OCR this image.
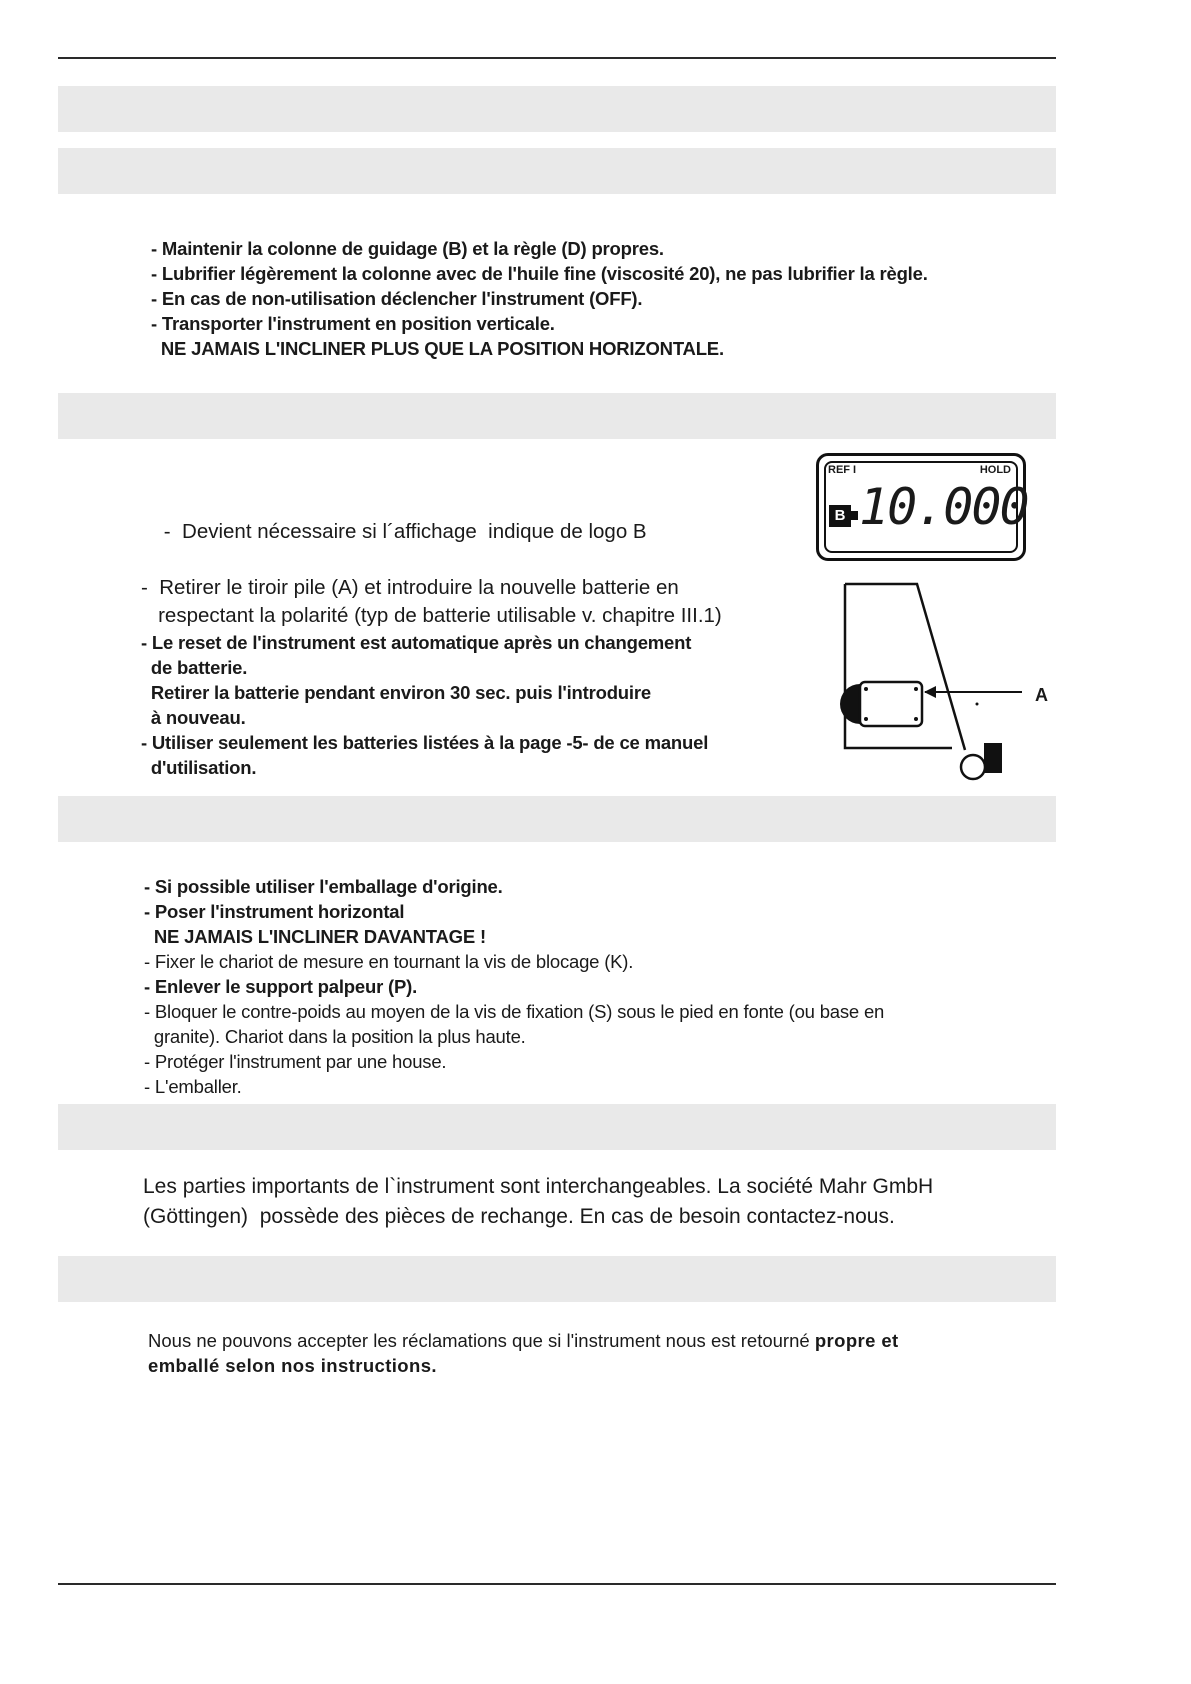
- Maintenir la colonne de guidage (B) et la règle (D) propres.
- Lubrifier légèrement la colonne avec de l'huile fine (viscosité 20), ne pas lubrifier la règle.
- En cas de non-utilisation déclencher l'instrument (OFF).
- Transporter l'instrument en position verticale.
NE JAMAIS L'INCLINER PLUS QUE LA POSITION HORIZONTALE.

-  Devient nécessaire si l´affichage  indique de logo B

-  Retirer le tiroir pile (A) et introduire la nouvelle batterie en
respectant la polarité (typ de batterie utilisable v. chapitre III.1)
- Le reset de l'instrument est automatique après un changement
de batterie.
Retirer la batterie pendant environ 30 sec. puis l'introduire
à nouveau.
- Utiliser seulement les batteries listées à la page -5- de ce manuel
d'utilisation.
REF I	HOLD
B 10.000
A
- Si possible utiliser l'emballage d'origine.
- Poser l'instrument horizontal
NE JAMAIS L'INCLINER DAVANTAGE !
- Fixer le chariot de mesure en tournant la vis de blocage (K).
- Enlever le support palpeur (P).
- Bloquer le contre-poids au moyen de la vis de fixation (S) sous le pied en fonte (ou base en
granite). Chariot dans la position la plus haute.
- Protéger l'instrument par une house.
- L'emballer.
Les parties importants de l`instrument sont interchangeables. La société Mahr GmbH
(Göttingen)  possède des pièces de rechange. En cas de besoin contactez-nous.
Nous ne pouvons accepter les réclamations que si l'instrument nous est retourné propre et
emballé selon nos instructions.
